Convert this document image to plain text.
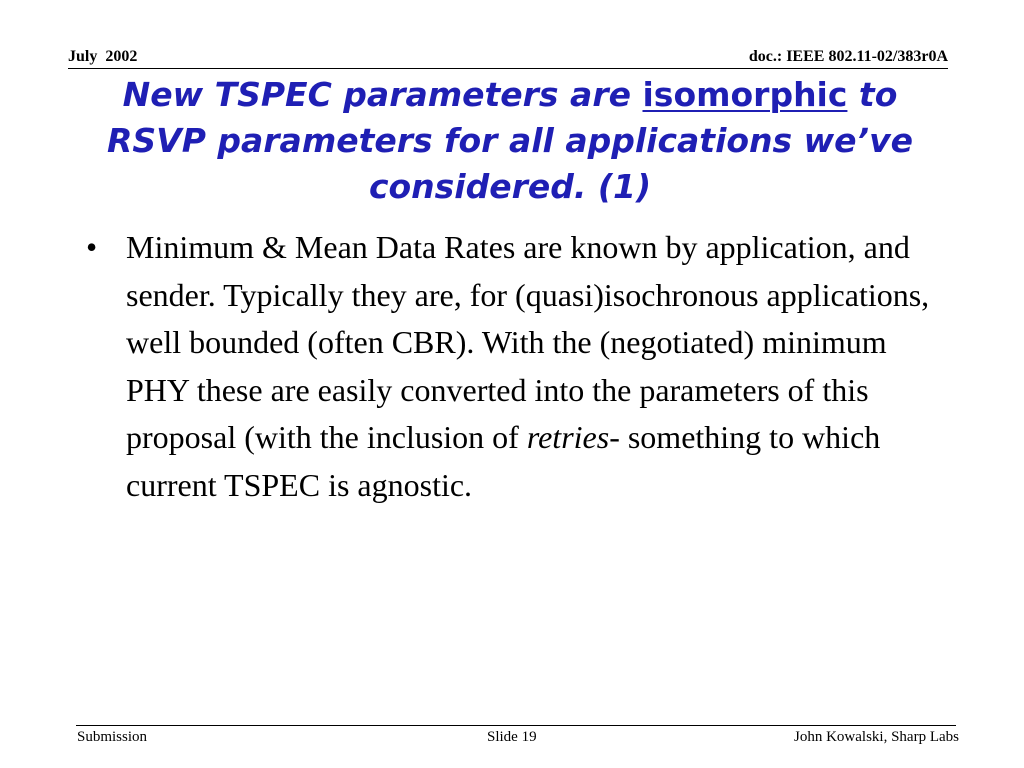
July  2002	doc.: IEEE 802.11-02/383r0A
New TSPEC parameters are isomorphic to RSVP parameters for all applications we’ve considered. (1)
• Minimum & Mean Data Rates are known by application, and sender. Typically they are, for (quasi)isochronous applications, well bounded (often CBR). With the (negotiated) minimum PHY these are easily converted into the parameters of this proposal (with the inclusion of retries- something to which current TSPEC is agnostic.
Submission	Slide 19	John Kowalski, Sharp Labs
